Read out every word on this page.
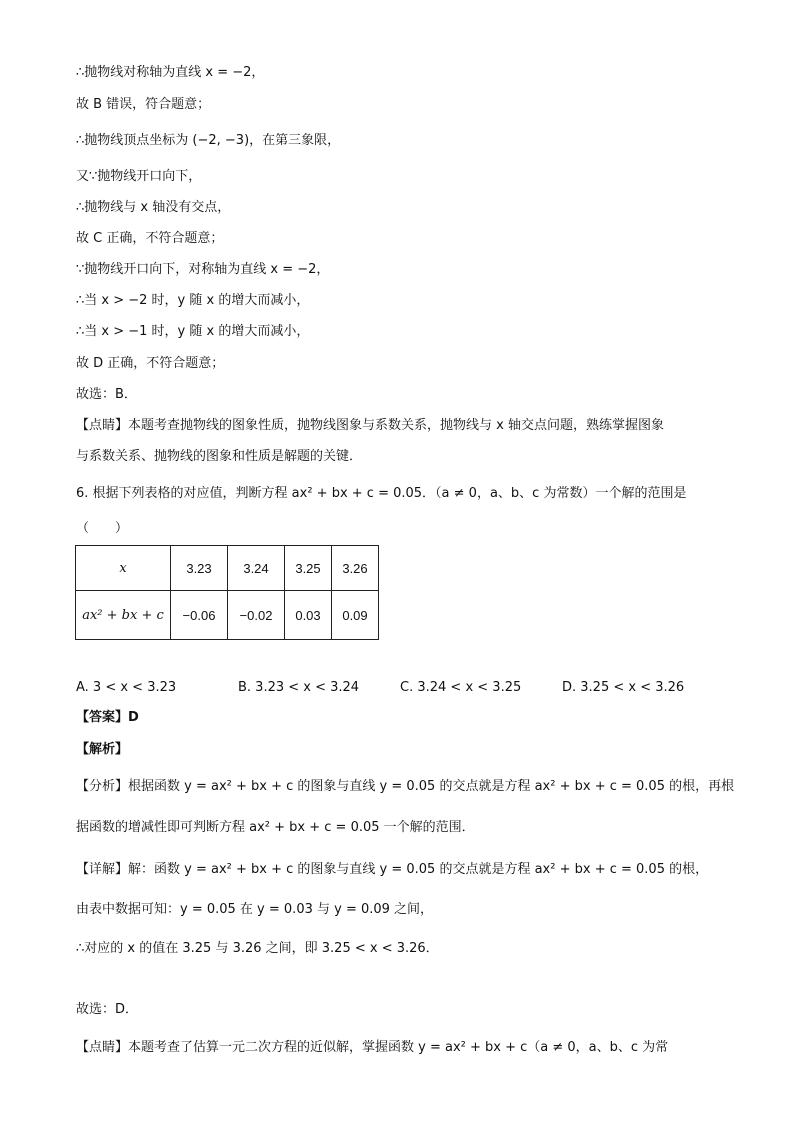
∴抛物线对称轴为直线 x = −2，
故 B 错误，符合题意；
∴抛物线顶点坐标为 (−2, −3)，在第三象限，
又∵抛物线开口向下，
∴抛物线与 x 轴没有交点，
故 C 正确，不符合题意；
∵抛物线开口向下，对称轴为直线 x = −2，
∴当 x > −2 时，y 随 x 的增大而减小，
∴当 x > −1 时，y 随 x 的增大而减小，
故 D 正确，不符合题意；
故选：B．
【点睛】本题考查抛物线的图象性质，抛物线图象与系数关系，抛物线与 x 轴交点问题，熟练掌握图象
与系数关系、抛物线的图象和性质是解题的关键．
6. 根据下列表格的对应值，判断方程 ax² + bx + c = 0.05．（a ≠ 0，a、b、c 为常数）一个解的范围是
（　　）
x	3.23	3.24	3.25	3.26
ax² + bx + c	−0.06	−0.02	0.03	0.09
A. 3 < x < 3.23	B. 3.23 < x < 3.24	C. 3.24 < x < 3.25	D. 3.25 < x < 3.26
【答案】D
【解析】
【分析】根据函数 y = ax² + bx + c 的图象与直线 y = 0.05 的交点就是方程 ax² + bx + c = 0.05 的根，再根
据函数的增减性即可判断方程 ax² + bx + c = 0.05 一个解的范围．
【详解】解：函数 y = ax² + bx + c 的图象与直线 y = 0.05 的交点就是方程 ax² + bx + c = 0.05 的根，
由表中数据可知：y = 0.05 在 y = 0.03 与 y = 0.09 之间，
∴对应的 x 的值在 3.25 与 3.26 之间，即 3.25 < x < 3.26．
故选：D．
【点睛】本题考查了估算一元二次方程的近似解，掌握函数 y = ax² + bx + c（a ≠ 0，a、b、c 为常
